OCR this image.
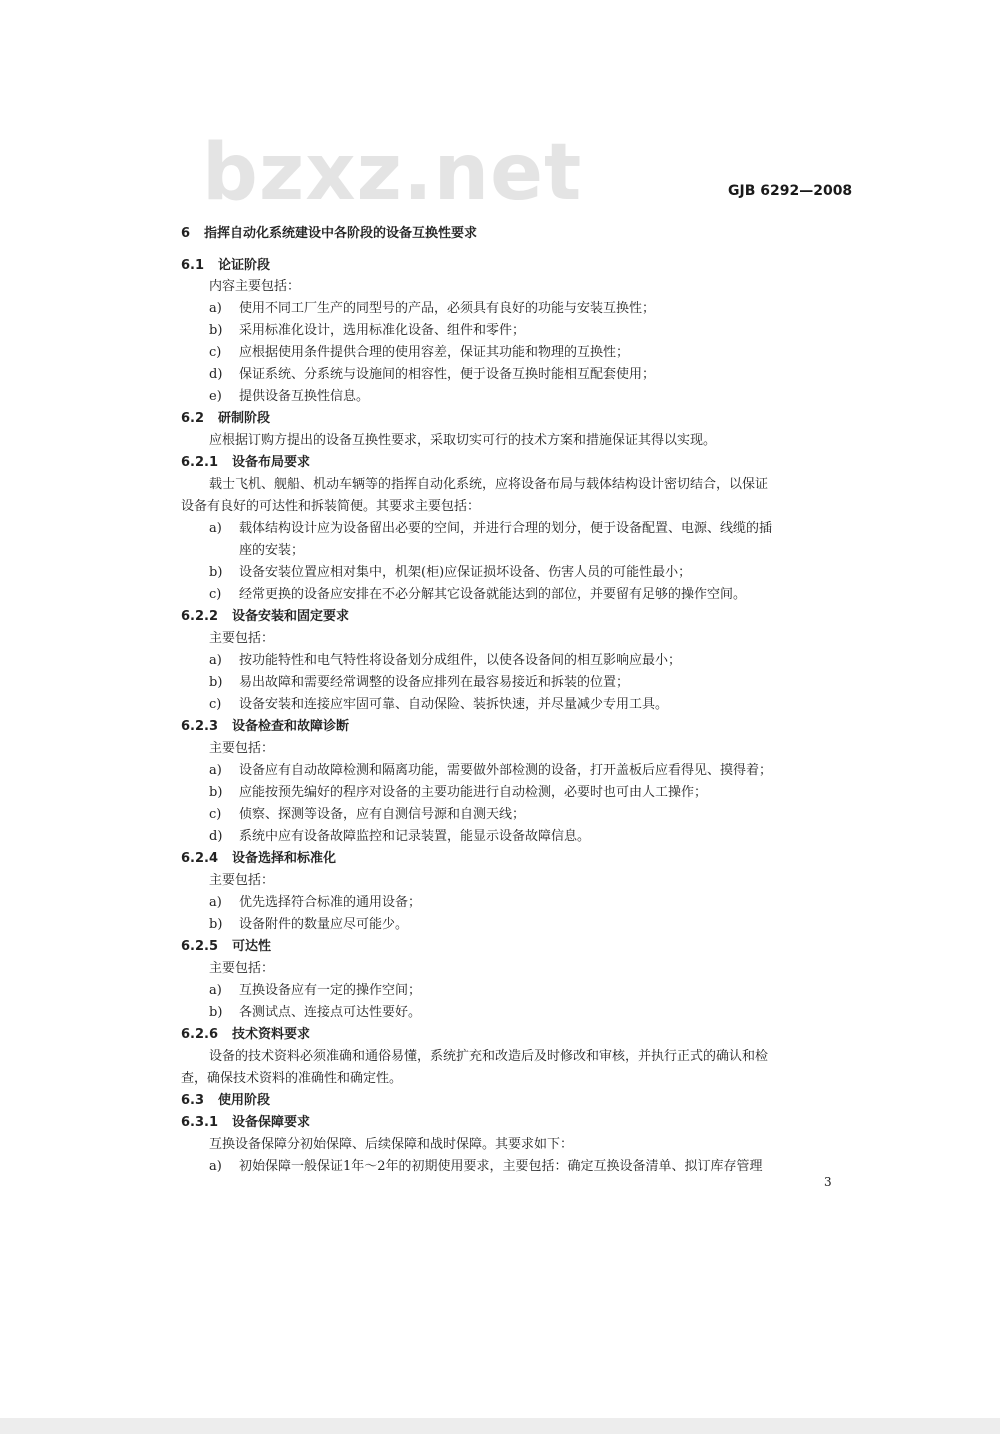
bzxz.net	GJB 6292—2008
6 指挥自动化系统建设中各阶段的设备互换性要求
6.1 论证阶段
内容主要包括：
a) 使用不同工厂生产的同型号的产品，必须具有良好的功能与安装互换性；
b) 采用标准化设计，选用标准化设备、组件和零件；
c) 应根据使用条件提供合理的使用容差，保证其功能和物理的互换性；
d) 保证系统、分系统与设施间的相容性，便于设备互换时能相互配套使用；
e) 提供设备互换性信息。
6.2 研制阶段
应根据订购方提出的设备互换性要求，采取切实可行的技术方案和措施保证其得以实现。
6.2.1 设备布局要求
载士飞机、舰船、机动车辆等的指挥自动化系统，应将设备布局与载体结构设计密切结合，以保证
设备有良好的可达性和拆装简便。其要求主要包括：
a) 载体结构设计应为设备留出必要的空间，并进行合理的划分，便于设备配置、电源、线缆的插
座的安装；
b) 设备安装位置应相对集中，机架(柜)应保证损坏设备、伤害人员的可能性最小；
c) 经常更换的设备应安排在不必分解其它设备就能达到的部位，并要留有足够的操作空间。
6.2.2 设备安装和固定要求
主要包括：
a) 按功能特性和电气特性将设备划分成组件，以使各设备间的相互影响应最小；
b) 易出故障和需要经常调整的设备应排列在最容易接近和拆装的位置；
c) 设备安装和连接应牢固可靠、自动保险、装拆快速，并尽量减少专用工具。
6.2.3 设备检查和故障诊断
主要包括：
a) 设备应有自动故障检测和隔离功能，需要做外部检测的设备，打开盖板后应看得见、摸得着；
b) 应能按预先编好的程序对设备的主要功能进行自动检测，必要时也可由人工操作；
c) 侦察、探测等设备，应有自测信号源和自测天线；
d) 系统中应有设备故障监控和记录装置，能显示设备故障信息。
6.2.4 设备选择和标准化
主要包括：
a) 优先选择符合标准的通用设备；
b) 设备附件的数量应尽可能少。
6.2.5 可达性
主要包括：
a) 互换设备应有一定的操作空间；
b) 各测试点、连接点可达性要好。
6.2.6 技术资料要求
设备的技术资料必须准确和通俗易懂，系统扩充和改造后及时修改和审核，并执行正式的确认和检
查，确保技术资料的准确性和确定性。
6.3 使用阶段
6.3.1 设备保障要求
互换设备保障分初始保障、后续保障和战时保障。其要求如下：
a) 初始保障一般保证1年～2年的初期使用要求，主要包括：确定互换设备清单、拟订库存管理
3
